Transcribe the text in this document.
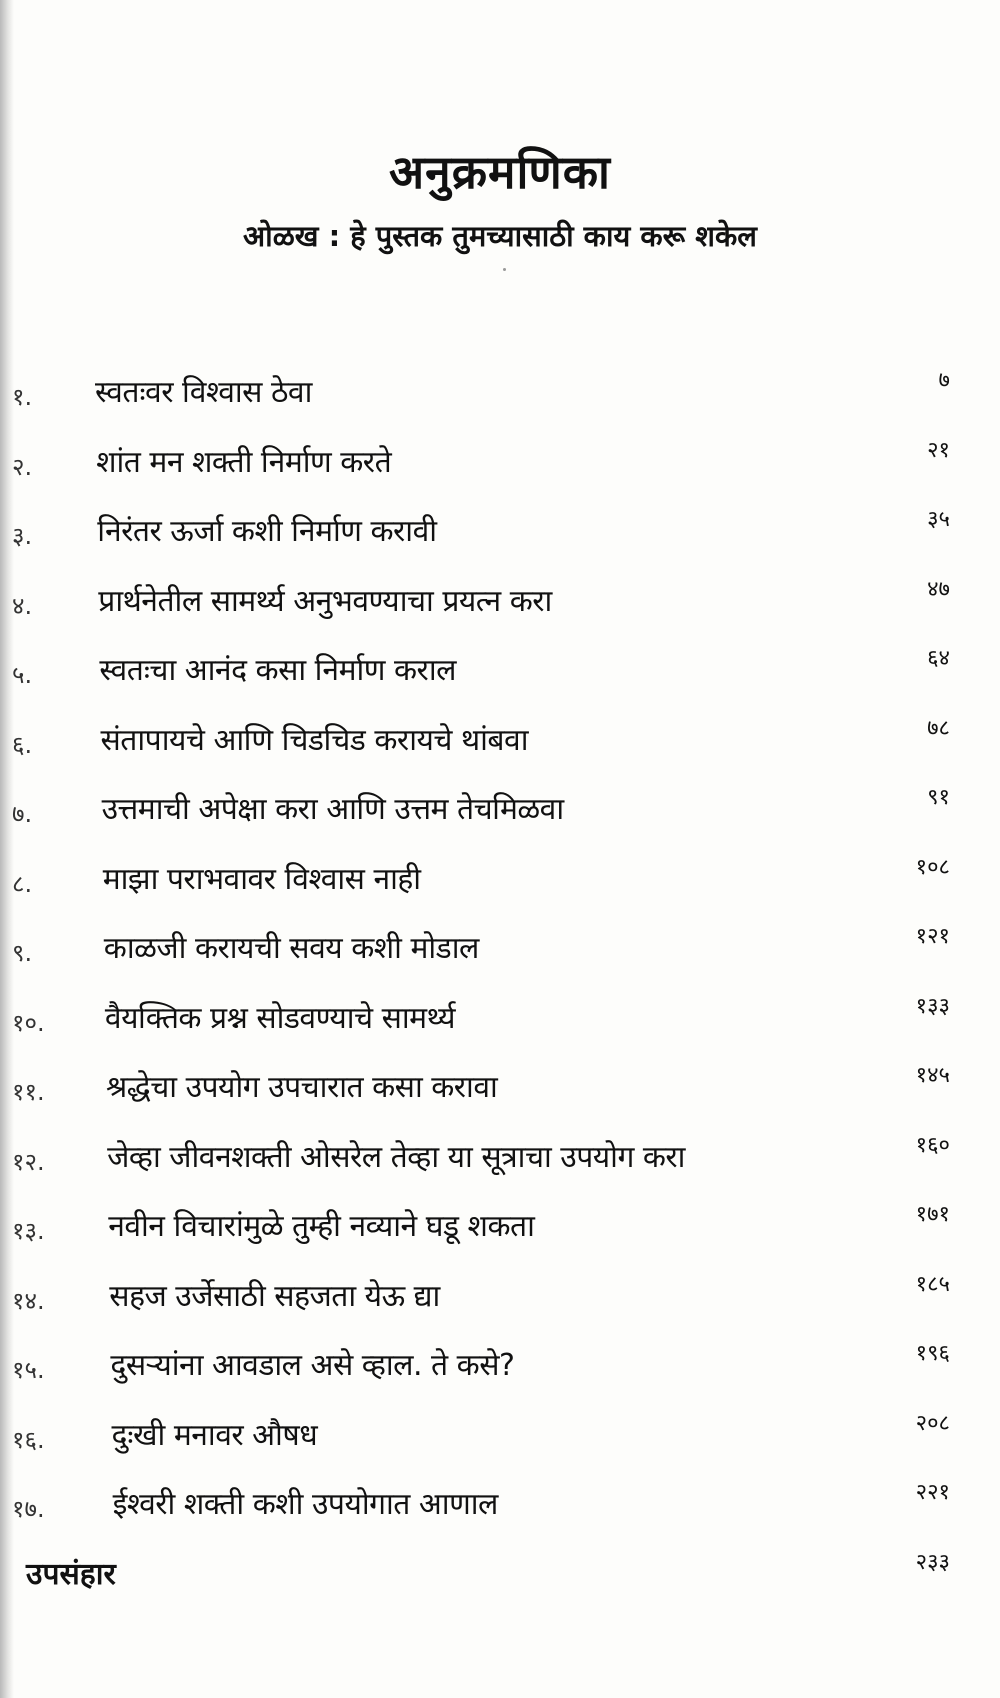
अनुक्रमणिका
ओळख : हे पुस्तक तुमच्यासाठी काय करू शकेल
१. स्वतःवर विश्वास ठेवा	७
२. शांत मन शक्ती निर्माण करते	२१
३. निरंतर ऊर्जा कशी निर्माण करावी	३५
४. प्रार्थनेतील सामर्थ्य अनुभवण्याचा प्रयत्न करा	४७
५. स्वतःचा आनंद कसा निर्माण कराल	६४
६. संतापायचे आणि चिडचिड करायचे थांबवा	७८
७. उत्तमाची अपेक्षा करा आणि उत्तम तेचमिळवा	९१
८. माझा पराभवावर विश्वास नाही	१०८
९. काळजी करायची सवय कशी मोडाल	१२१
१०. वैयक्तिक प्रश्न सोडवण्याचे सामर्थ्य	१३३
११. श्रद्धेचा उपयोग उपचारात कसा करावा	१४५
१२. जेव्हा जीवनशक्ती ओसरेल तेव्हा या सूत्राचा उपयोग करा	१६०
१३. नवीन विचारांमुळे तुम्ही नव्याने घडू शकता	१७१
१४. सहज उर्जेसाठी सहजता येऊ द्या	१८५
१५. दुसऱ्यांना आवडाल असे व्हाल. ते कसे?	१९६
१६. दुःखी मनावर औषध	२०८
१७. ईश्वरी शक्ती कशी उपयोगात आणाल	२२१
उपसंहार	२३३
